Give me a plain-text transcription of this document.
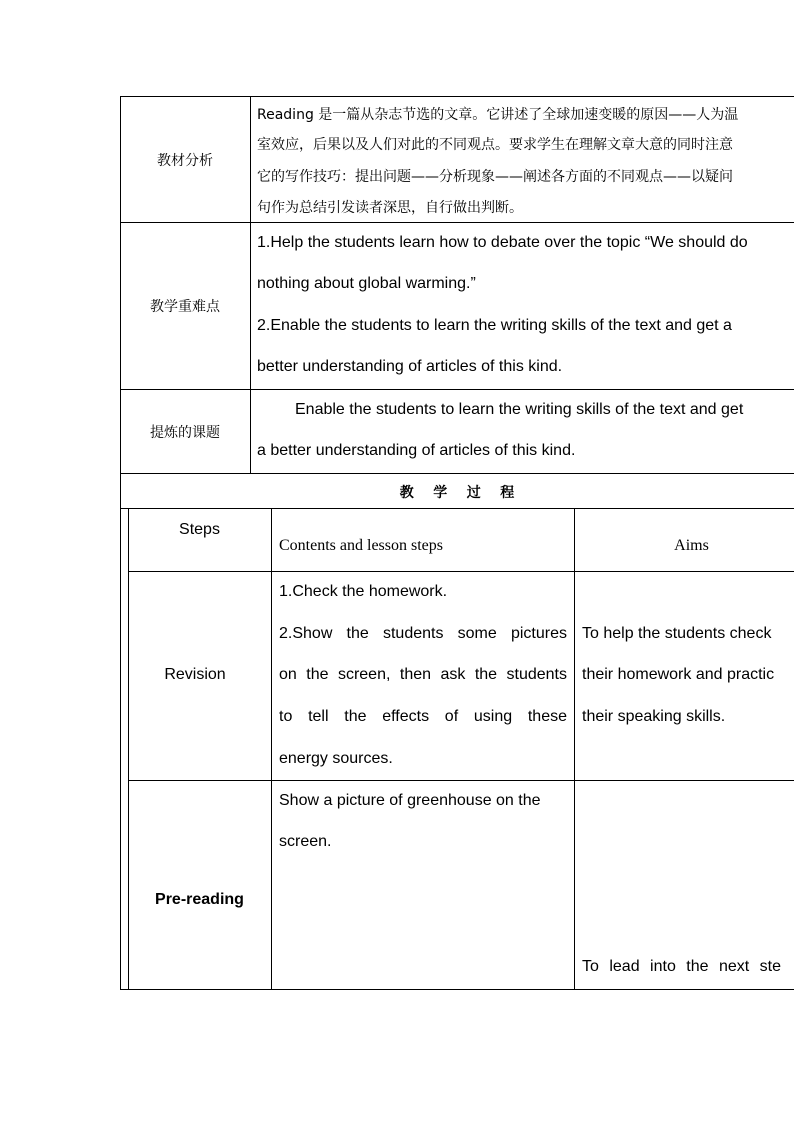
教材分析
Reading 是一篇从杂志节选的文章。它讲述了全球加速变暖的原因——人为温
室效应，后果以及人们对此的不同观点。要求学生在理解文章大意的同时注意
它的写作技巧：提出问题——分析现象——阐述各方面的不同观点——以疑问
句作为总结引发读者深思，自行做出判断。
教学重难点
1.Help the students learn how to debate over the topic “We should do
nothing about global warming.”
2.Enable the students to learn the writing skills of the text and get a
better understanding of articles of this kind.
提炼的课题
Enable the students to learn the writing skills of the text and get
a better understanding of articles of this kind.
教    学    过    程
Steps
Contents and lesson steps	Aims
Revision
1.Check the homework.
2.Show the students some pictures
on the screen, then ask the students
to tell the effects of using these
energy sources.
To help the students check
their homework and practic
their speaking skills.
Pre-reading
Show a picture of greenhouse on the
screen.
To lead into the next ste
